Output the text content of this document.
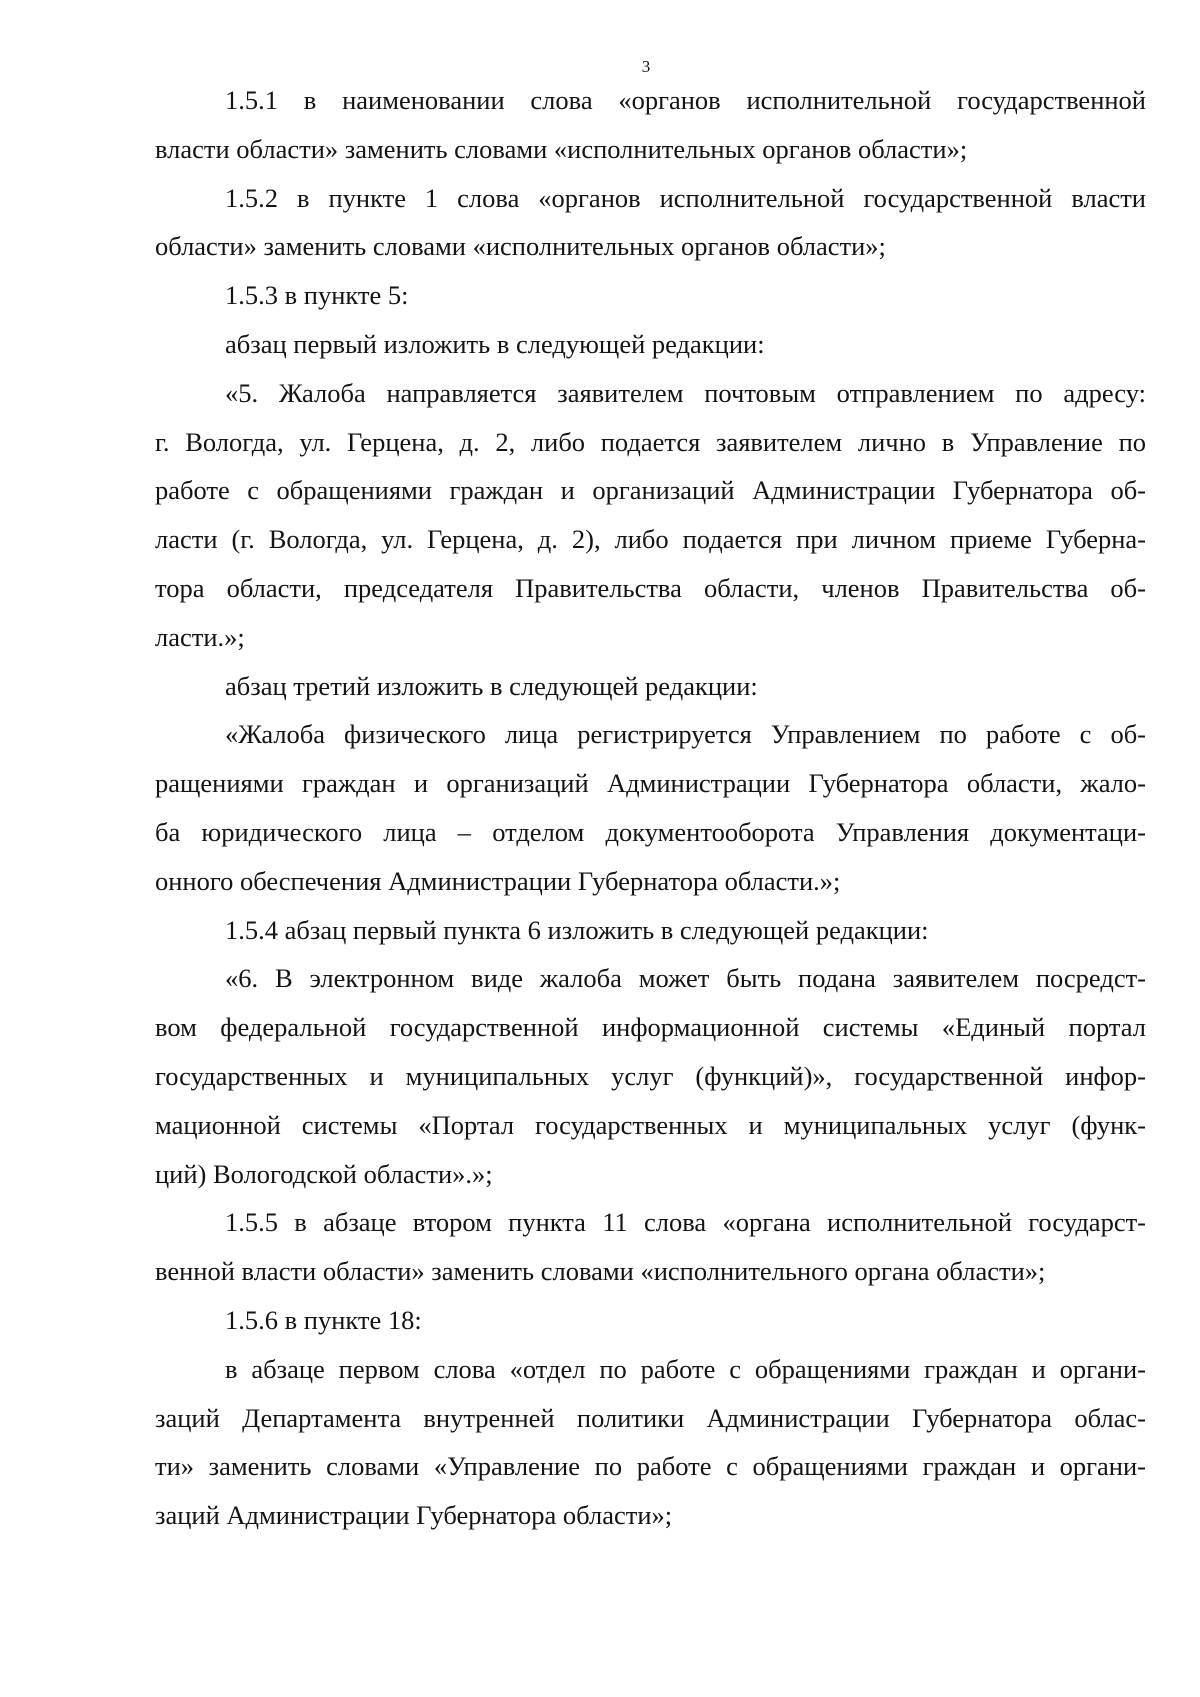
3

1.5.1 в наименовании слова «органов исполнительной государственной

власти области» заменить словами «исполнительных органов области»;

1.5.2 в пункте 1 слова «органов исполнительной государственной власти

области» заменить словами «исполнительных органов области»;

1.5.3 в пункте 5:

абзац первый изложить в следующей редакции:

«5. Жалоба направляется заявителем почтовым отправлением по адресу:

г. Вологда, ул. Герцена, д. 2, либо подается заявителем лично в Управление по

работе с обращениями граждан и организаций Администрации Губернатора об-

ласти (г. Вологда, ул. Герцена, д. 2), либо подается при личном приеме Губерна-

тора области, председателя Правительства области, членов Правительства об-

ласти.»;

абзац третий изложить в следующей редакции:

«Жалоба физического лица регистрируется Управлением по работе с об-

ращениями граждан и организаций Администрации Губернатора области, жало-

ба юридического лица – отделом документооборота Управления документаци-

онного обеспечения Администрации Губернатора области.»;

1.5.4 абзац первый пункта 6 изложить в следующей редакции:

«6. В электронном виде жалоба может быть подана заявителем посредст-

вом федеральной государственной информационной системы «Единый портал

государственных и муниципальных услуг (функций)», государственной инфор-

мационной системы «Портал государственных и муниципальных услуг (функ-

ций) Вологодской области».»;

1.5.5 в абзаце втором пункта 11 слова «органа исполнительной государст-

венной власти области» заменить словами «исполнительного органа области»;

1.5.6 в пункте 18:

в абзаце первом слова «отдел по работе с обращениями граждан и органи-

заций Департамента внутренней политики Администрации Губернатора облас-

ти» заменить словами «Управление по работе с обращениями граждан и органи-

заций Администрации Губернатора области»;
